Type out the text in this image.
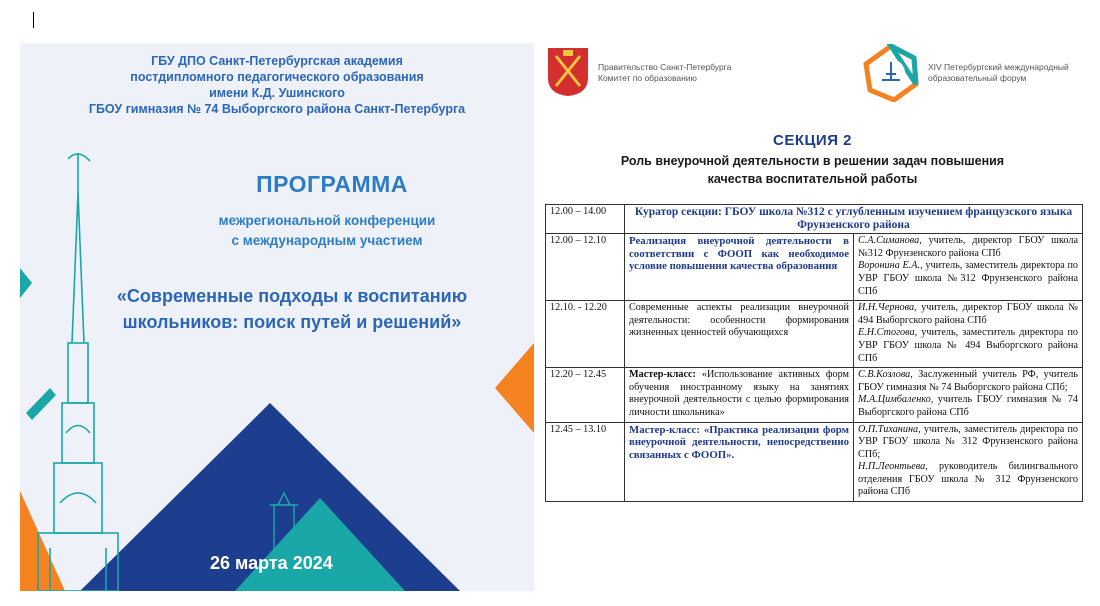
ГБУ ДПО Санкт-Петербургская академия
постдипломного педагогического образования
имени К.Д. Ушинского
ГБОУ гимназия № 74 Выборгского района Санкт-Петербурга
ПРОГРАММА
межрегиональной конференции
с международным участием
«Современные подходы к воспитанию
школьников: поиск путей и решений»
26 марта 2024
Правительство Санкт-Петербурга
Комитет по образованию
XIV Петербургский международный
образовательный форум
СЕКЦИЯ 2
Роль внеурочной деятельности в решении задач повышения
качества воспитательной работы
12.00 – 14.00	Куратор секции: ГБОУ школа №312 с углубленным изучением французского языка Фрунзенского района	
12.00 – 12.10	Реализация внеурочной деятельности в соответствии с ФООП как необходимое условие повышения качества образования	С.А.Симанова, учитель, директор ГБОУ школа №312 Фрунзенского района СПб
Воронина Е.А., учитель, заместитель директора по УВР ГБОУ школа №312 Фрунзенского района СПб

12.10. - 12.20	Современные аспекты реализации внеурочной деятельности: особенности формирования жизненных ценностей обучающихся	И.Н.Чернова, учитель, директор ГБОУ школа № 494 Выборгского района СПб
Е.Н.Стогова, учитель, заместитель директора по УВР ГБОУ школа № 494 Выборгского района СПб

12.20 – 12.45	Мастер-класс: «Использование активных форм обучения иностранному языку на занятиях внеурочной деятельности с целью формирования личности школьника»	С.В.Козлова, Заслуженный учитель РФ, учитель ГБОУ гимназия № 74 Выборгского района СПб;
М.А.Цимбаленко, учитель ГБОУ гимназия № 74 Выборгского района СПб

12.45 – 13.10	Мастер-класс: «Практика реализации форм внеурочной деятельности, непосредственно связанных с ФООП».	О.П.Тиханина, учитель, заместитель директора по УВР ГБОУ школа № 312 Фрунзенского района СПб;
Н.П.Леонтьева, руководитель билингвального отделения ГБОУ школа № 312 Фрунзенского района СПб
